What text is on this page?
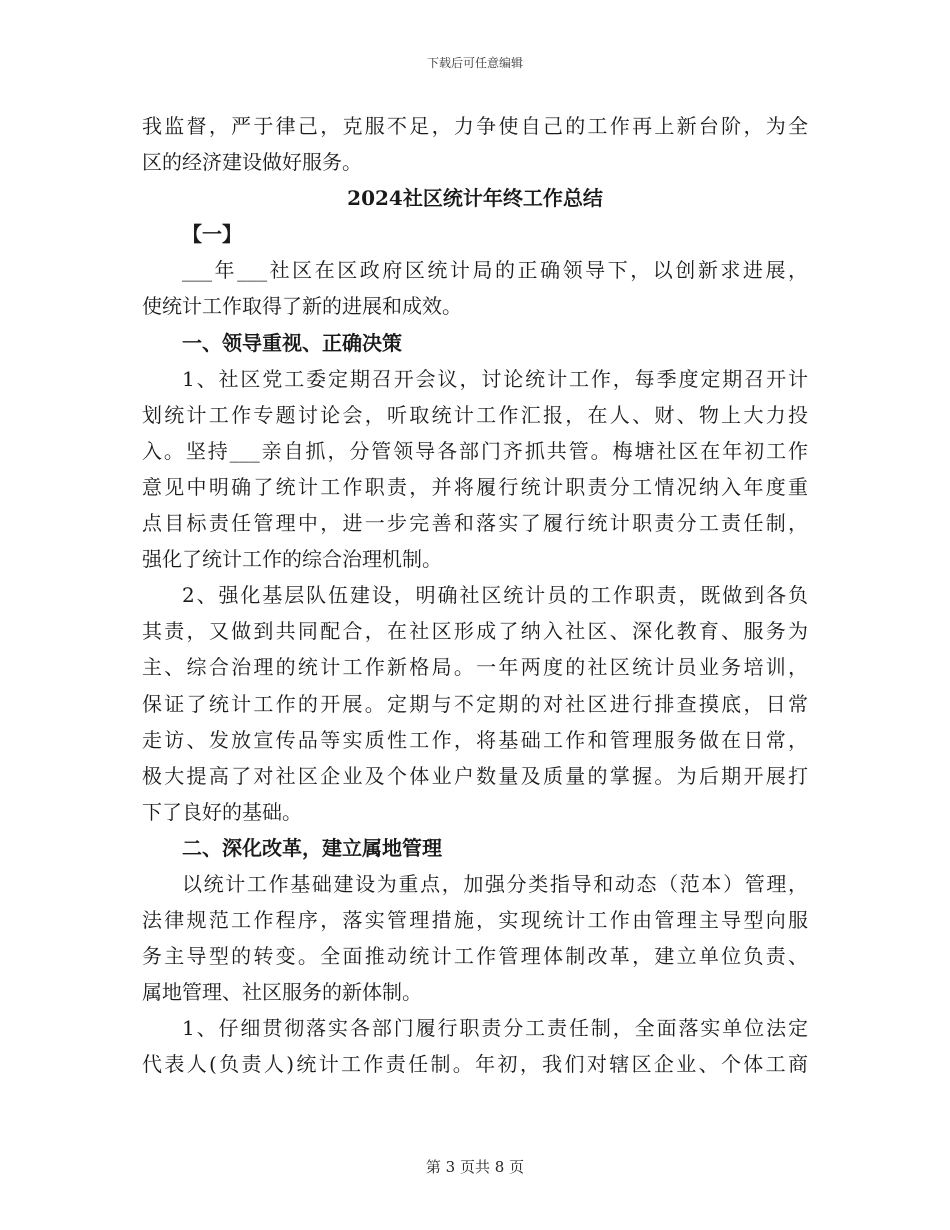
下载后可任意编辑
我监督，严于律己，克服不足，力争使自己的工作再上新台阶，为全
区的经济建设做好服务。
2024社区统计年终工作总结
【一】
___年___社区在区政府区统计局的正确领导下，以创新求进展，
使统计工作取得了新的进展和成效。
一、领导重视、正确决策
1、社区党工委定期召开会议，讨论统计工作，每季度定期召开计
划统计工作专题讨论会，听取统计工作汇报，在人、财、物上大力投
入。坚持___亲自抓，分管领导各部门齐抓共管。梅塘社区在年初工作
意见中明确了统计工作职责，并将履行统计职责分工情况纳入年度重
点目标责任管理中，进一步完善和落实了履行统计职责分工责任制，
强化了统计工作的综合治理机制。
2、强化基层队伍建设，明确社区统计员的工作职责，既做到各负
其责，又做到共同配合，在社区形成了纳入社区、深化教育、服务为
主、综合治理的统计工作新格局。一年两度的社区统计员业务培训，
保证了统计工作的开展。定期与不定期的对社区进行排查摸底，日常
走访、发放宣传品等实质性工作，将基础工作和管理服务做在日常，
极大提高了对社区企业及个体业户数量及质量的掌握。为后期开展打
下了良好的基础。
二、深化改革，建立属地管理
以统计工作基础建设为重点，加强分类指导和动态（范本）管理，
法律规范工作程序，落实管理措施，实现统计工作由管理主导型向服
务主导型的转变。全面推动统计工作管理体制改革，建立单位负责、
属地管理、社区服务的新体制。
1、仔细贯彻落实各部门履行职责分工责任制，全面落实单位法定
代表人(负责人)统计工作责任制。年初，我们对辖区企业、个体工商
第 3 页共 8 页
